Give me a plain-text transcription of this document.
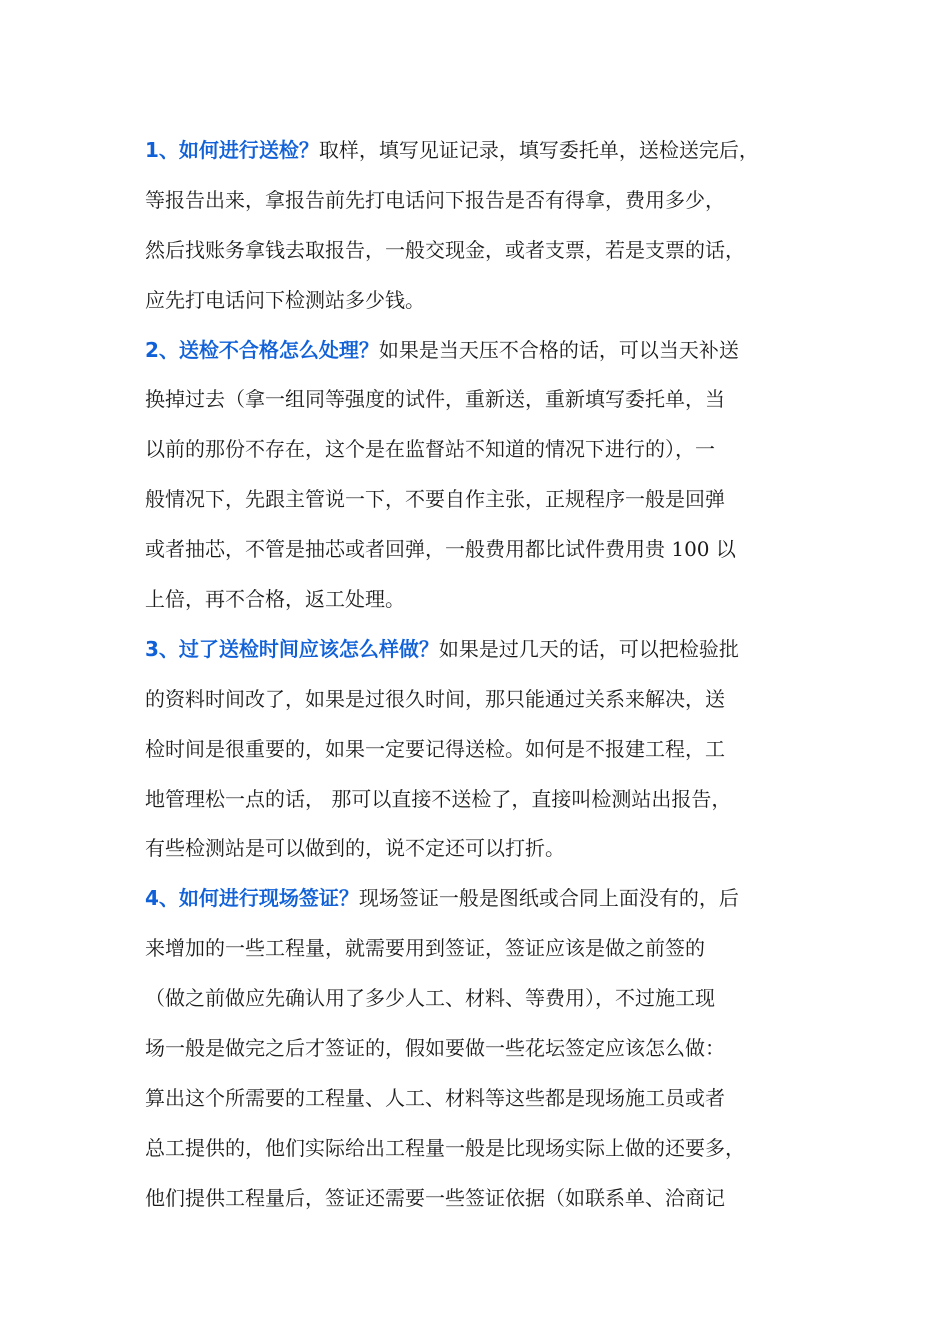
1、如何进行送检？取样，填写见证记录，填写委托单，送检送完后，
等报告出来，拿报告前先打电话问下报告是否有得拿，费用多少，
然后找账务拿钱去取报告，一般交现金，或者支票，若是支票的话，
应先打电话问下检测站多少钱。
2、送检不合格怎么处理？如果是当天压不合格的话，可以当天补送
换掉过去（拿一组同等强度的试件，重新送，重新填写委托单，当
以前的那份不存在，这个是在监督站不知道的情况下进行的），一
般情况下，先跟主管说一下，不要自作主张，正规程序一般是回弹
或者抽芯，不管是抽芯或者回弹，一般费用都比试件费用贵 100 以
上倍，再不合格，返工处理。
3、过了送检时间应该怎么样做？如果是过几天的话，可以把检验批
的资料时间改了，如果是过很久时间，那只能通过关系来解决，送
检时间是很重要的，如果一定要记得送检。如何是不报建工程，工
地管理松一点的话， 那可以直接不送检了，直接叫检测站出报告，
有些检测站是可以做到的，说不定还可以打折。
4、如何进行现场签证？现场签证一般是图纸或合同上面没有的，后
来增加的一些工程量，就需要用到签证，签证应该是做之前签的
（做之前做应先确认用了多少人工、材料、等费用），不过施工现
场一般是做完之后才签证的，假如要做一些花坛签定应该怎么做：
算出这个所需要的工程量、人工、材料等这些都是现场施工员或者
总工提供的，他们实际给出工程量一般是比现场实际上做的还要多，
他们提供工程量后，签证还需要一些签证依据（如联系单、洽商记
